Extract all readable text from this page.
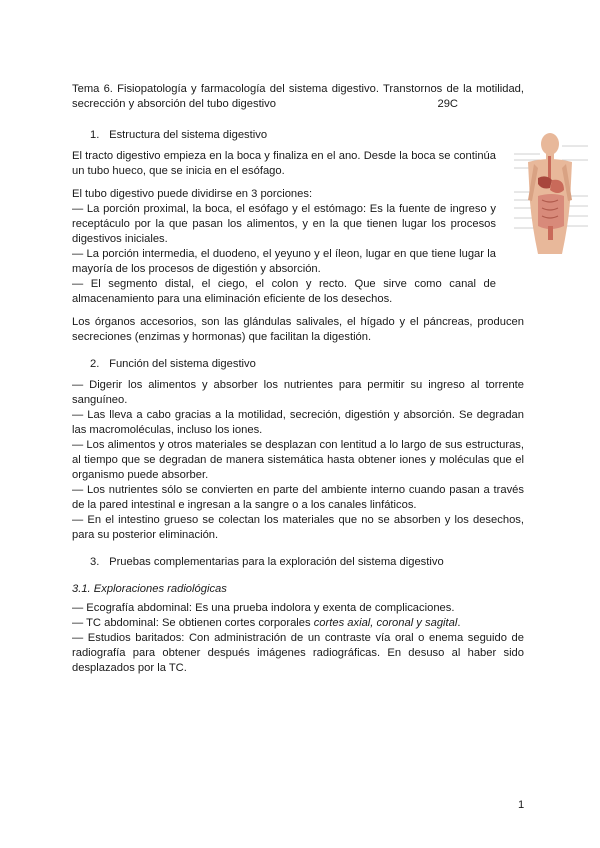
Tema 6. Fisiopatología y farmacología del sistema digestivo. Transtornos de la motilidad, secrección y absorción del tubo digestivo	29C

1. Estructura del sistema digestivo

El tracto digestivo empieza en la boca y finaliza en el ano. Desde la boca se continúa un tubo hueco, que se inicia en el esófago.

El tubo digestivo puede dividirse en 3 porciones:

— La porción proximal, la boca, el esófago y el estómago: Es la fuente de ingreso y receptáculo por la que pasan los alimentos, y en la que tienen lugar los procesos digestivos iniciales.

— La porción intermedia, el duodeno, el yeyuno y el íleon, lugar en que tiene lugar la mayoría de los procesos de digestión y absorción.

— El segmento distal, el ciego, el colon y recto. Que sirve como canal de almacenamiento para una eliminación eficiente de los desechos.

Los órganos accesorios, son las glándulas salivales, el hígado y el páncreas, producen secreciones (enzimas y hormonas) que facilitan la digestión.

2. Función del sistema digestivo

— Digerir los alimentos y absorber los nutrientes para permitir su ingreso al torrente sanguíneo.

— Las lleva a cabo gracias a la motilidad, secreción, digestión y absorción. Se degradan las macromoléculas, incluso los iones.

— Los alimentos y otros materiales se desplazan con lentitud a lo largo de sus estructuras, al tiempo que se degradan de manera sistemática hasta obtener iones y moléculas que el organismo puede absorber.

— Los nutrientes sólo se convierten en parte del ambiente interno cuando pasan a través de la pared intestinal e ingresan a la sangre o a los canales linfáticos.

— En el intestino grueso se colectan los materiales que no se absorben y los desechos, para su posterior eliminación.

3. Pruebas complementarias para la exploración del sistema digestivo

3.1. Exploraciones radiológicas

— Ecografía abdominal: Es una prueba indolora y exenta de complicaciones.

— TC abdominal: Se obtienen cortes corporales cortes axial, coronal y sagital.

— Estudios baritados: Con administración de un contraste vía oral o enema seguido de radiografía para obtener después imágenes radiográficas. En desuso al haber sido desplazados por la TC.

1
